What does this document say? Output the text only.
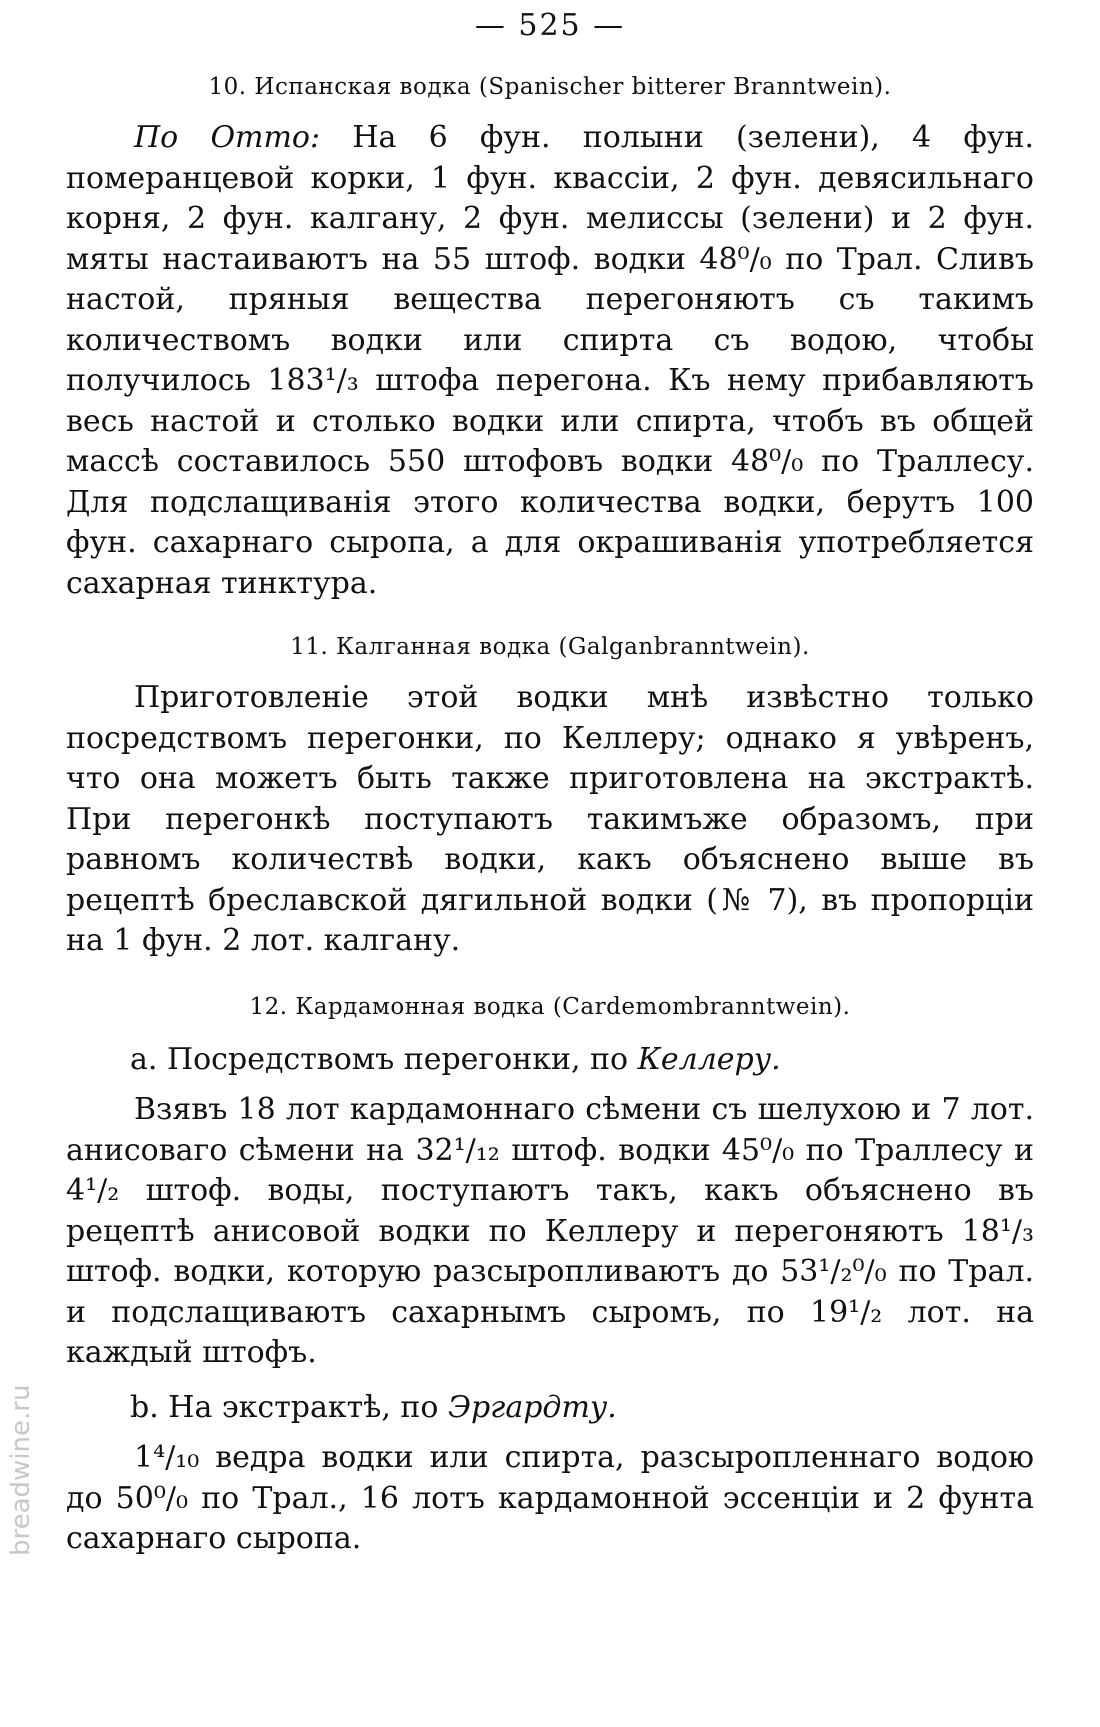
— 525 —
10. Испанская водка (Spanischer bitterer Branntwein).

По Отто: На 6 фун. полыни (зелени), 4 фун. померанцевой корки, 1 фун. квассіи, 2 фун. девясильнаго корня, 2 фун. калгану, 2 фун. мелиссы (зелени) и 2 фун. мяты настаиваютъ на 55 штоф. водки 48⁰/₀ по Трал. Сливъ настой, пряныя вещества перегоняютъ съ такимъ количествомъ водки или спирта съ водою, чтобы получилось 183¹/₃ штофа перегона. Къ нему прибавляютъ весь настой и столько водки или спирта, чтобъ въ общей массѣ составилось 550 штофовъ водки 48⁰/₀ по Траллесу. Для подслащиванія этого количества водки, берутъ 100 фун. сахарнаго сыропа, а для окрашиванія употребляется сахарная тинктура.

11. Калганная водка (Galganbranntwein).

Приготовленіе этой водки мнѣ извѣстно только посредствомъ перегонки, по Келлеру; однако я увѣренъ, что она можетъ быть также приготовлена на экстрактѣ. При перегонкѣ поступаютъ такимъже образомъ, при равномъ количествѣ водки, какъ объяснено выше въ рецептѣ бреславской дягильной водки (№ 7), въ пропорціи на 1 фун. 2 лот. калгану.

12. Кардамонная водка (Cardemombranntwein).
a. Посредствомъ перегонки, по Келлеру.

Взявъ 18 лот кардамоннаго сѣмени съ шелухою и 7 лот. анисоваго сѣмени на 32¹/₁₂ штоф. водки 45⁰/₀ по Траллесу и 4¹/₂ штоф. воды, поступаютъ такъ, какъ объяснено въ рецептѣ анисовой водки по Келлеру и перегоняютъ 18¹/₃ штоф. водки, которую разсыропливаютъ до 53¹/₂⁰/₀ по Трал. и подслащиваютъ сахарнымъ сыромъ, по 19¹/₂ лот. на каждый штофъ.

b. На экстрактѣ, по Эргардту.

1⁴/₁₀ ведра водки или спирта, разсыропленнаго водою до 50⁰/₀ по Трал., 16 лотъ кардамонной эссенціи и 2 фунта сахарнаго сыропа.

breadwine.ru
